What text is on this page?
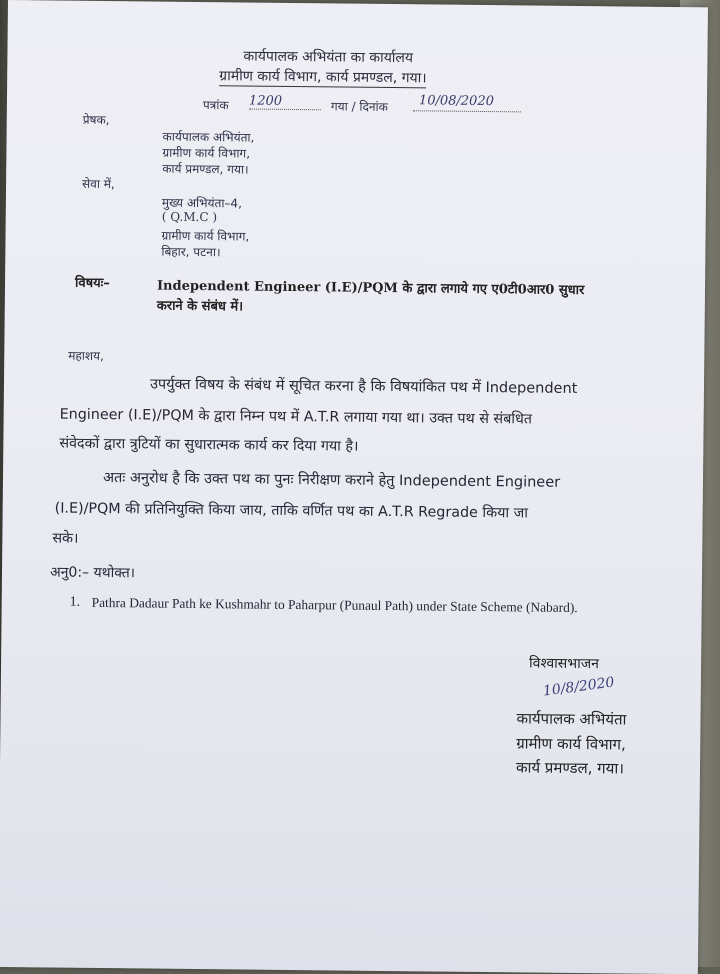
कार्यपालक अभियंता का कार्यालय
ग्रामीण कार्य विभाग, कार्य प्रमण्डल, गया।
पत्रांक 1200	गया / दिनांक 10/08/2020
प्रेषक,
कार्यपालक अभियंता,
ग्रामीण कार्य विभाग,
कार्य प्रमण्डल, गया।
सेवा में,
मुख्य अभियंता–4,
( Q.M.C )
ग्रामीण कार्य विभाग,
बिहार, पटना।
विषयः–	Independent Engineer (I.E)/PQM के द्वारा लगाये गए ए0टी0आर0 सुधार
कराने के संबंध में।
महाशय,
उपर्युक्त विषय के संबंध में सूचित करना है कि विषयांकित पथ में Independent
Engineer (I.E)/PQM के द्वारा निम्न पथ में A.T.R लगाया गया था। उक्त पथ से संबधित
संवेदकों द्वारा त्रुटियों का सुधारात्मक कार्य कर दिया गया है।
अतः अनुरोध है कि उक्त पथ का पुनः निरीक्षण कराने हेतु Independent Engineer
(I.E)/PQM की प्रतिनियुक्ति किया जाय, ताकि वर्णित पथ का A.T.R Regrade किया जा
सके।
अनु0:– यथोक्त।
1. Pathra Dadaur Path ke Kushmahr to Paharpur (Punaul Path) under State Scheme (Nabard).
विश्वासभाजन
10/8/2020
कार्यपालक अभियंता
ग्रामीण कार्य विभाग,
कार्य प्रमण्डल, गया।
